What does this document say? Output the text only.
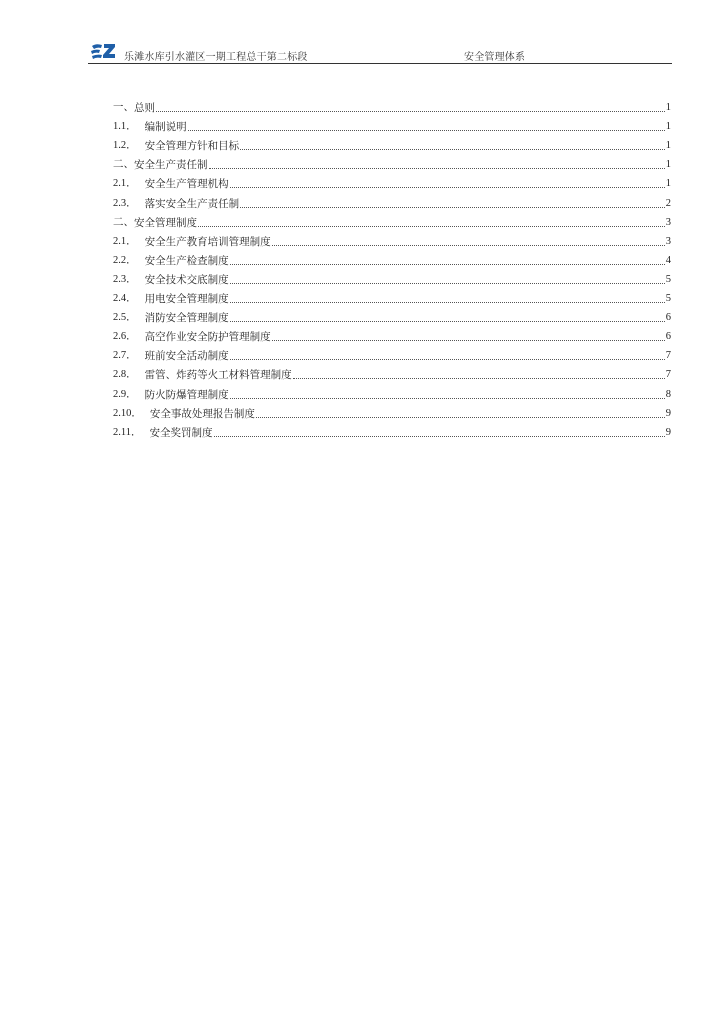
乐滩水库引水灌区一期工程总干第二标段	安全管理体系
一、 总则	1
1.1． 编制说明	1
1.2． 安全管理方针和目标	1
二、 安全生产责任制	1
2.1． 安全生产管理机构	1
2.3． 落实安全生产责任制	2
二、 安全管理制度	3
2.1． 安全生产教育培训管理制度	3
2.2． 安全生产检查制度	4
2.3． 安全技术交底制度	5
2.4． 用电安全管理制度	5
2.5． 消防安全管理制度	6
2.6． 高空作业安全防护管理制度	6
2.7． 班前安全活动制度	7
2.8． 雷管、炸药等火工材料管理制度	7
2.9． 防火防爆管理制度	8
2.10． 安全事故处理报告制度	9
2.11． 安全奖罚制度	9
